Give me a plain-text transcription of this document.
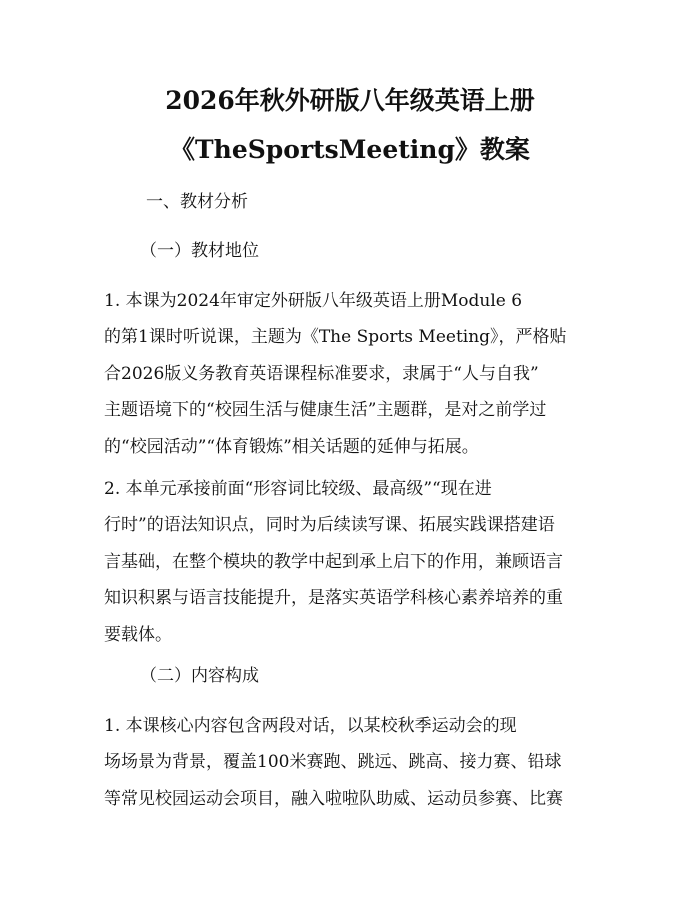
2026年秋外研版八年级英语上册
《TheSportsMeeting》教案
一、教材分析
（一）教材地位
1. 本课为2024年审定外研版八年级英语上册Module 6
的第1课时听说课，主题为《The Sports Meeting》，严格贴
合2026版义务教育英语课程标准要求，隶属于“人与自我”
主题语境下的“校园生活与健康生活”主题群，是对之前学过
的“校园活动”“体育锻炼”相关话题的延伸与拓展。
2. 本单元承接前面“形容词比较级、最高级”“现在进
行时”的语法知识点，同时为后续读写课、拓展实践课搭建语
言基础，在整个模块的教学中起到承上启下的作用，兼顾语言
知识积累与语言技能提升，是落实英语学科核心素养培养的重
要载体。
（二）内容构成
1. 本课核心内容包含两段对话，以某校秋季运动会的现
场场景为背景，覆盖100米赛跑、跳远、跳高、接力赛、铅球
等常见校园运动会项目，融入啦啦队助威、运动员参赛、比赛
